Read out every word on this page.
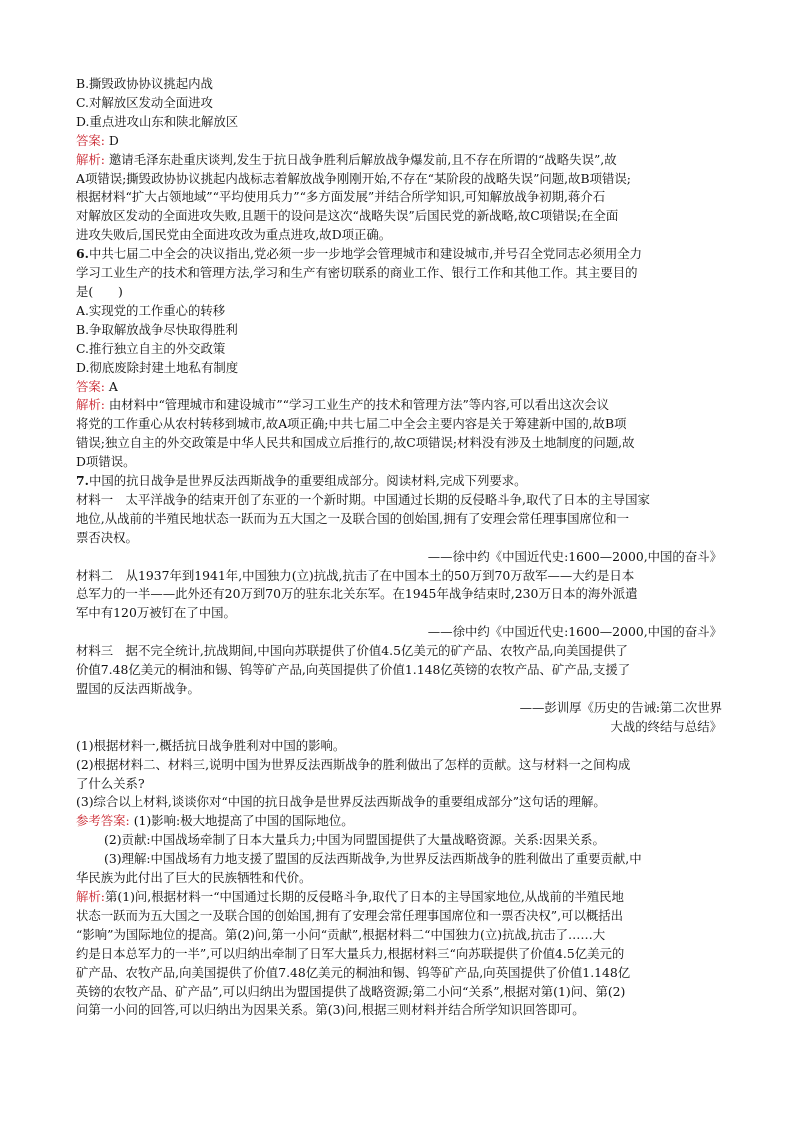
B.撕毁政协协议挑起内战
C.对解放区发动全面进攻
D.重点进攻山东和陕北解放区
答案: D
解析: 邀请毛泽东赴重庆谈判,发生于抗日战争胜利后解放战争爆发前,且不存在所谓的“战略失误”,故
A项错误;撕毁政协协议挑起内战标志着解放战争刚刚开始,不存在“某阶段的战略失误”问题,故B项错误;
根据材料“扩大占领地域”“平均使用兵力”“多方面发展”并结合所学知识,可知解放战争初期,蒋介石
对解放区发动的全面进攻失败,且题干的设问是这次“战略失误”后国民党的新战略,故C项错误;在全面
进攻失败后,国民党由全面进攻改为重点进攻,故D项正确。
6.中共七届二中全会的决议指出,党必须一步一步地学会管理城市和建设城市,并号召全党同志必须用全力
学习工业生产的技术和管理方法,学习和生产有密切联系的商业工作、银行工作和其他工作。其主要目的
是(　　)
A.实现党的工作重心的转移
B.争取解放战争尽快取得胜利
C.推行独立自主的外交政策
D.彻底废除封建土地私有制度
答案: A
解析: 由材料中“管理城市和建设城市”“学习工业生产的技术和管理方法”等内容,可以看出这次会议
将党的工作重心从农村转移到城市,故A项正确;中共七届二中全会主要内容是关于筹建新中国的,故B项
错误;独立自主的外交政策是中华人民共和国成立后推行的,故C项错误;材料没有涉及土地制度的问题,故
D项错误。
7.中国的抗日战争是世界反法西斯战争的重要组成部分。阅读材料,完成下列要求。
材料一　太平洋战争的结束开创了东亚的一个新时期。中国通过长期的反侵略斗争,取代了日本的主导国家
地位,从战前的半殖民地状态一跃而为五大国之一及联合国的创始国,拥有了安理会常任理事国席位和一
票否决权。
——徐中约《中国近代史:1600—2000,中国的奋斗》
材料二　从1937年到1941年,中国独力(立)抗战,抗击了在中国本土的50万到70万敌军——大约是日本
总军力的一半——此外还有20万到70万的驻东北关东军。在1945年战争结束时,230万日本的海外派遣
军中有120万被钉在了中国。
——徐中约《中国近代史:1600—2000,中国的奋斗》
材料三　据不完全统计,抗战期间,中国向苏联提供了价值4.5亿美元的矿产品、农牧产品,向美国提供了
价值7.48亿美元的桐油和锡、钨等矿产品,向英国提供了价值1.148亿英镑的农牧产品、矿产品,支援了
盟国的反法西斯战争。
——彭训厚《历史的告诫:第二次世界
大战的终结与总结》
(1)根据材料一,概括抗日战争胜利对中国的影响。
(2)根据材料二、材料三,说明中国为世界反法西斯战争的胜利做出了怎样的贡献。这与材料一之间构成
了什么关系?
(3)综合以上材料,谈谈你对“中国的抗日战争是世界反法西斯战争的重要组成部分”这句话的理解。
参考答案: (1)影响:极大地提高了中国的国际地位。
(2)贡献:中国战场牵制了日本大量兵力;中国为同盟国提供了大量战略资源。关系:因果关系。
(3)理解:中国战场有力地支援了盟国的反法西斯战争,为世界反法西斯战争的胜利做出了重要贡献,中
华民族为此付出了巨大的民族牺牲和代价。
解析:第(1)问,根据材料一“中国通过长期的反侵略斗争,取代了日本的主导国家地位,从战前的半殖民地
状态一跃而为五大国之一及联合国的创始国,拥有了安理会常任理事国席位和一票否决权”,可以概括出
“影响”为国际地位的提高。第(2)问,第一小问“贡献”,根据材料二“中国独力(立)抗战,抗击了……大
约是日本总军力的一半”,可以归纳出牵制了日军大量兵力,根据材料三“向苏联提供了价值4.5亿美元的
矿产品、农牧产品,向美国提供了价值7.48亿美元的桐油和锡、钨等矿产品,向英国提供了价值1.148亿
英镑的农牧产品、矿产品”,可以归纳出为盟国提供了战略资源;第二小问“关系”,根据对第(1)问、第(2)
问第一小问的回答,可以归纳出为因果关系。第(3)问,根据三则材料并结合所学知识回答即可。
